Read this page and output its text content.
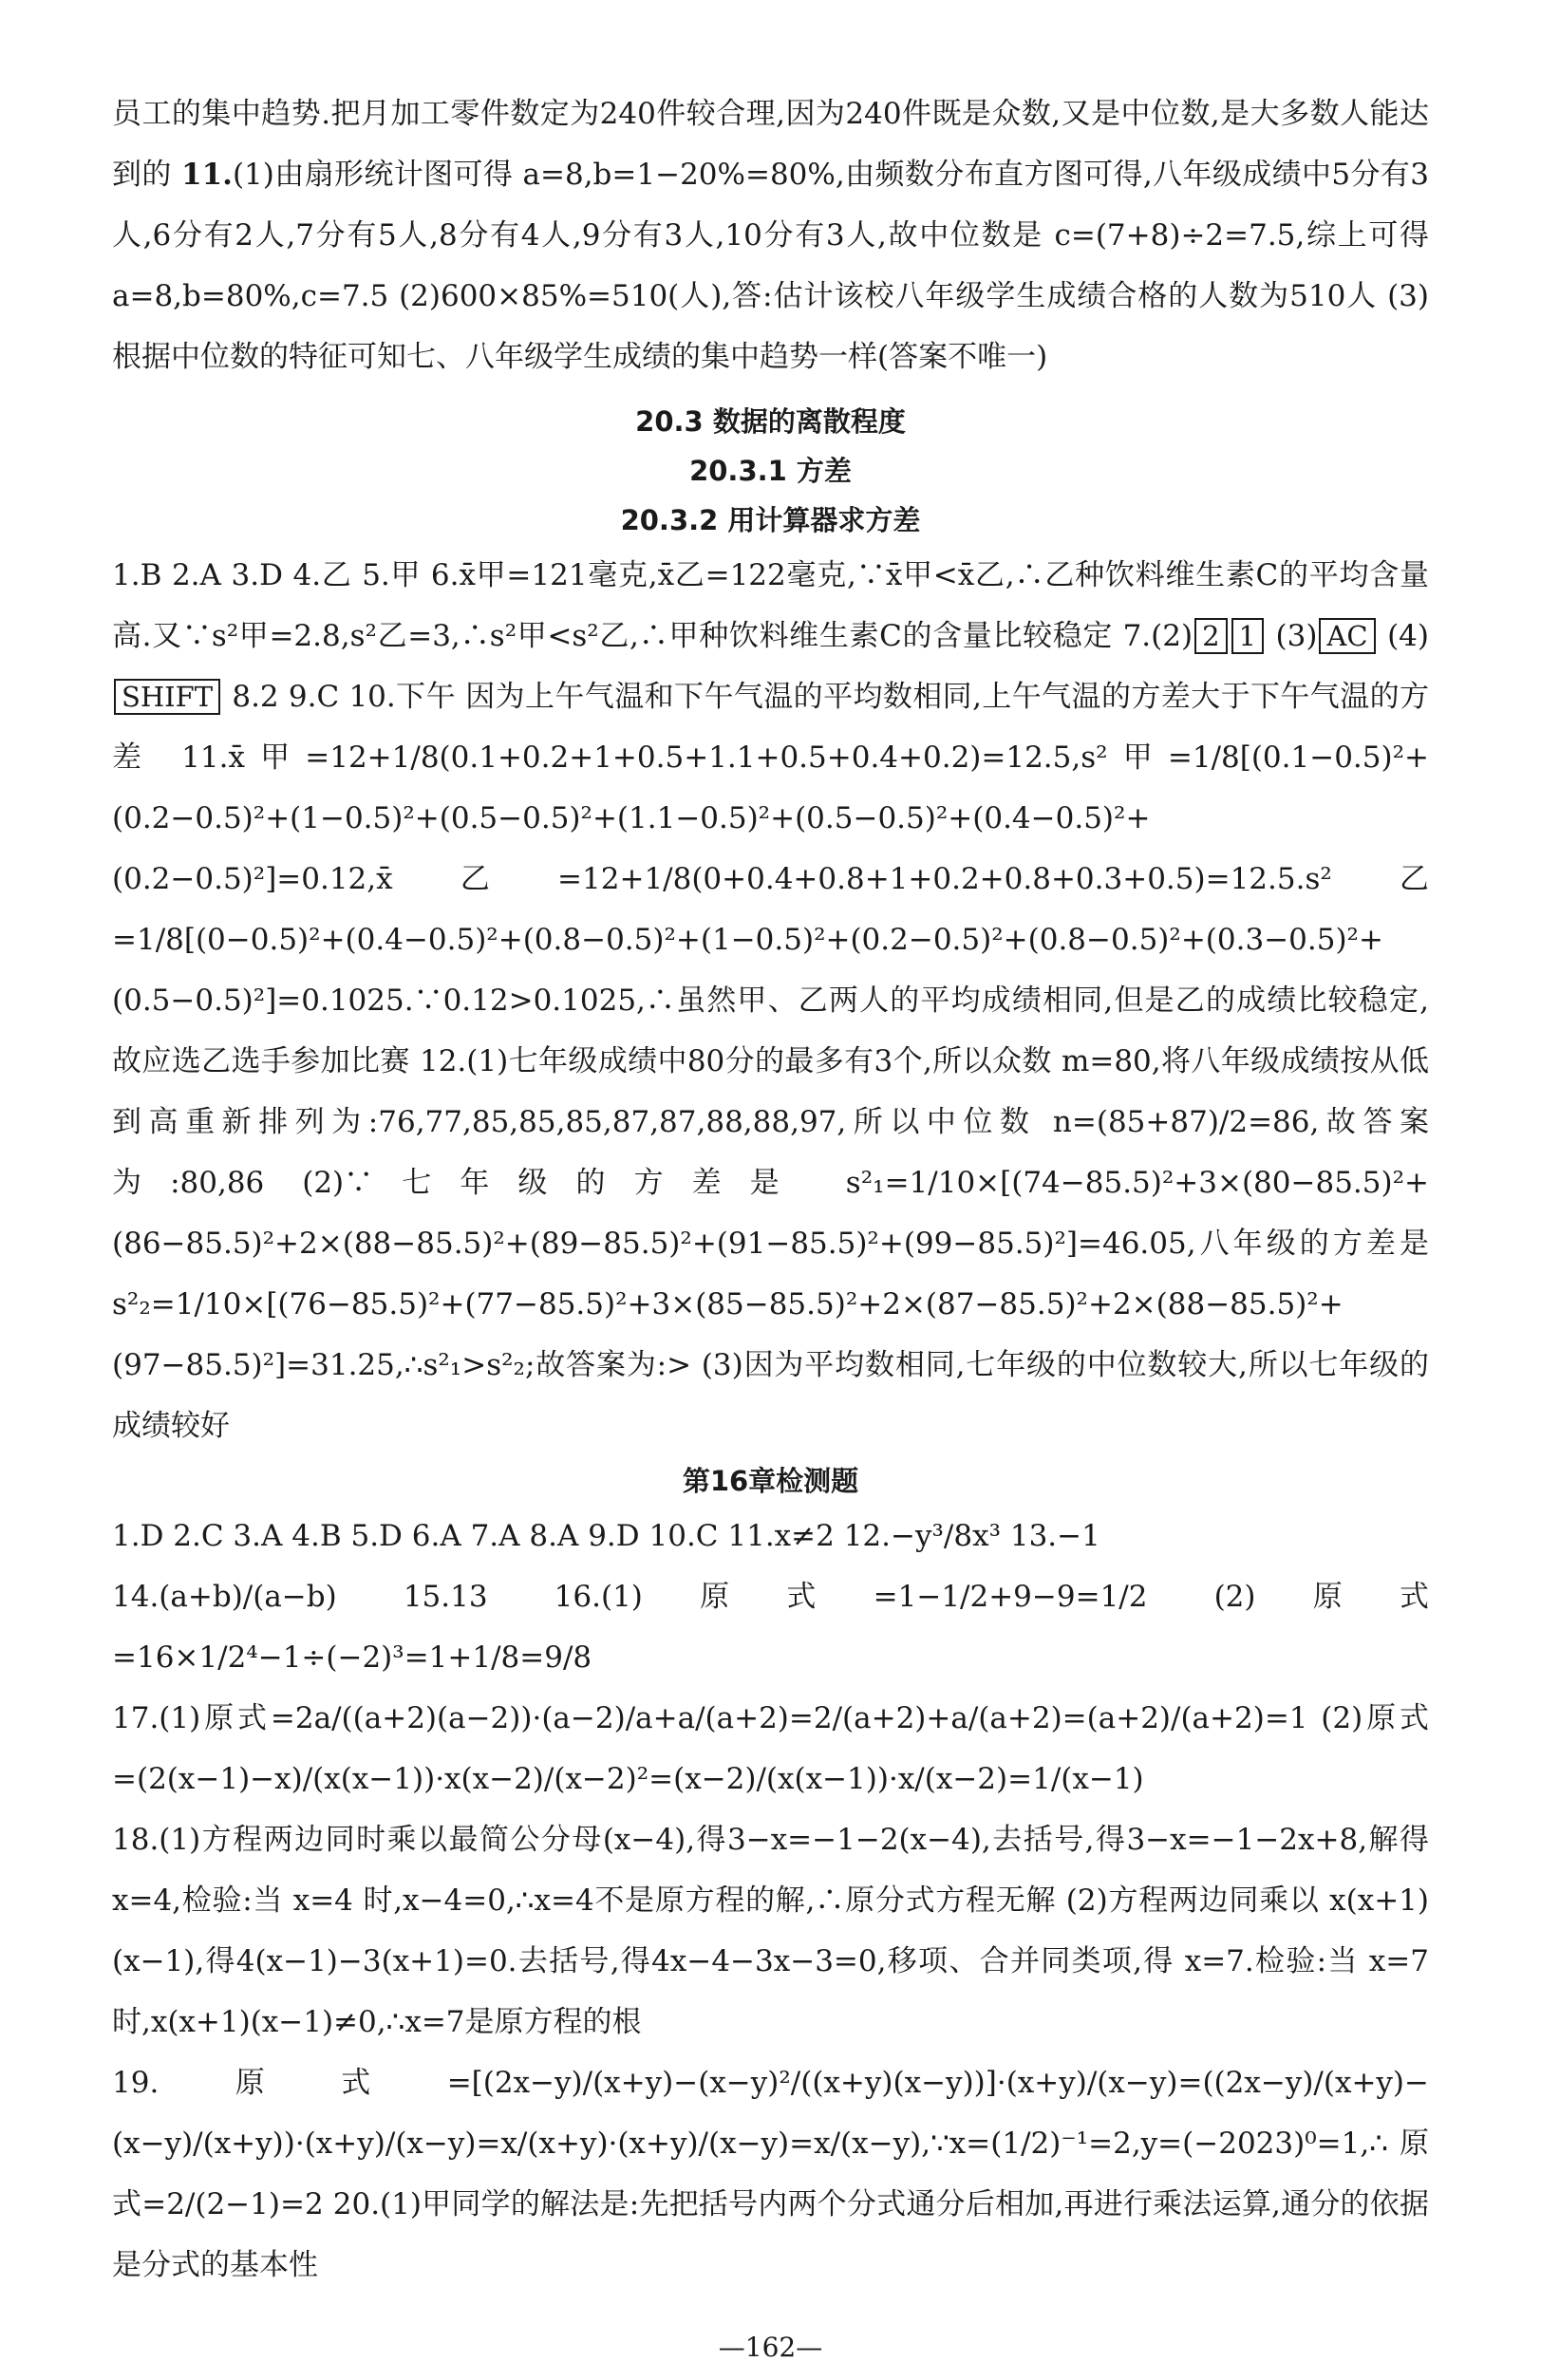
员工的集中趋势.把月加工零件数定为240件较合理,因为240件既是众数,又是中位数,是大多数人能达到的 11.(1)由扇形统计图可得 a=8,b=1−20%=80%,由频数分布直方图可得,八年级成绩中5分有3人,6分有2人,7分有5人,8分有4人,9分有3人,10分有3人,故中位数是 c=(7+8)÷2=7.5,综上可得 a=8,b=80%,c=7.5 (2)600×85%=510(人),答:估计该校八年级学生成绩合格的人数为510人 (3)根据中位数的特征可知七、八年级学生成绩的集中趋势一样(答案不唯一)

20.3 数据的离散程度

20.3.1 方差

20.3.2 用计算器求方差

1.B 2.A 3.D 4.乙 5.甲 6.x̄甲=121毫克,x̄乙=122毫克,∵x̄甲<x̄乙,∴乙种饮料维生素C的平均含量高.又∵s²甲=2.8,s²乙=3,∴s²甲<s²乙,∴甲种饮料维生素C的含量比较稳定 7.(2) 2 1 (3) AC (4)SHIFT 8.2 9.C 10.下午 因为上午气温和下午气温的平均数相同,上午气温的方差大于下午气温的方差 11.x̄甲=12+1/8(0.1+0.2+1+0.5+1.1+0.5+0.4+0.2)=12.5,s²甲=1/8[(0.1−0.5)²+(0.2−0.5)²+(1−0.5)²+(0.5−0.5)²+(1.1−0.5)²+(0.5−0.5)²+(0.4−0.5)²+(0.2−0.5)²]=0.12,x̄乙=12+1/8(0+0.4+0.8+1+0.2+0.8+0.3+0.5)=12.5.s²乙=1/8[(0−0.5)²+(0.4−0.5)²+(0.8−0.5)²+(1−0.5)²+(0.2−0.5)²+(0.8−0.5)²+(0.3−0.5)²+(0.5−0.5)²]=0.1025.∵0.12>0.1025,∴虽然甲、乙两人的平均成绩相同,但是乙的成绩比较稳定,故应选乙选手参加比赛 12.(1)七年级成绩中80分的最多有3个,所以众数 m=80,将八年级成绩按从低到高重新排列为:76,77,85,85,85,87,87,88,88,97,所以中位数 n=(85+87)/2=86,故答案为:80,86 (2)∵七年级的方差是 s²₁=1/10×[(74−85.5)²+3×(80−85.5)²+(86−85.5)²+2×(88−85.5)²+(89−85.5)²+(91−85.5)²+(99−85.5)²]=46.05,八年级的方差是 s²₂=1/10×[(76−85.5)²+(77−85.5)²+3×(85−85.5)²+2×(87−85.5)²+2×(88−85.5)²+(97−85.5)²]=31.25,∴s²₁>s²₂;故答案为:> (3)因为平均数相同,七年级的中位数较大,所以七年级的成绩较好

第16章检测题

1.D 2.C 3.A 4.B 5.D 6.A 7.A 8.A 9.D 10.C 11.x≠2 12.−y³/8x³ 13.−1

14.(a+b)/(a−b) 15.13 16.(1)原式=1−1/2+9−9=1/2 (2)原式=16×1/2⁴−1÷(−2)³=1+1/8=9/8

17.(1)原式=2a/((a+2)(a−2))·(a−2)/a+a/(a+2)=2/(a+2)+a/(a+2)=(a+2)/(a+2)=1 (2)原式=(2(x−1)−x)/(x(x−1))·x(x−2)/(x−2)²=(x−2)/(x(x−1))·x/(x−2)=1/(x−1)

18.(1)方程两边同时乘以最简公分母(x−4),得3−x=−1−2(x−4),去括号,得3−x=−1−2x+8,解得 x=4,检验:当 x=4 时,x−4=0,∴x=4不是原方程的解,∴原分式方程无解 (2)方程两边同乘以 x(x+1)(x−1),得4(x−1)−3(x+1)=0.去括号,得4x−4−3x−3=0,移项、合并同类项,得 x=7.检验:当 x=7 时,x(x+1)(x−1)≠0,∴x=7是原方程的根

19.原式=[(2x−y)/(x+y)−(x−y)²/((x+y)(x−y))]·(x+y)/(x−y)=((2x−y)/(x+y)−(x−y)/(x+y))·(x+y)/(x−y)=x/(x+y)·(x+y)/(x−y)=x/(x−y),∵x=(1/2)⁻¹=2,y=(−2023)⁰=1,∴原式=2/(2−1)=2 20.(1)甲同学的解法是:先把括号内两个分式通分后相加,再进行乘法运算,通分的依据是分式的基本性

—162—
